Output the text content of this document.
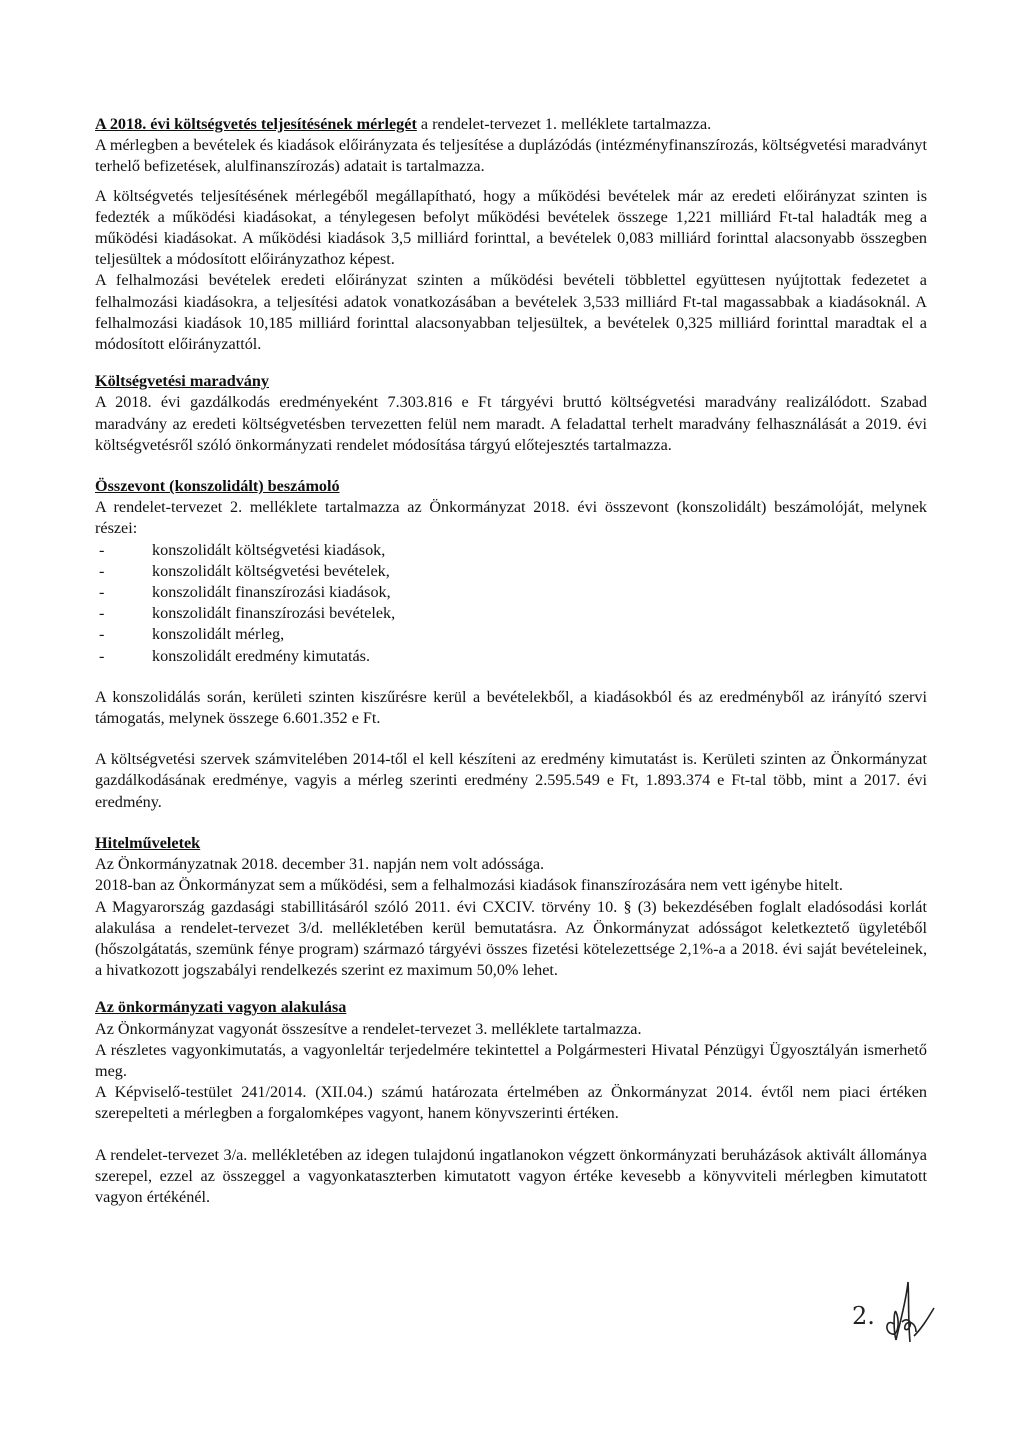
A 2018. évi költségvetés teljesítésének mérlegét a rendelet-tervezet 1. melléklete tartalmazza.

A mérlegben a bevételek és kiadások előirányzata és teljesítése a duplázódás (intézményfinanszírozás, költségvetési maradványt terhelő befizetések, alulfinanszírozás) adatait is tartalmazza.

A költségvetés teljesítésének mérlegéből megállapítható, hogy a működési bevételek már az eredeti előirányzat szinten is fedezték a működési kiadásokat, a ténylegesen befolyt működési bevételek összege 1,221 milliárd Ft-tal haladták meg a működési kiadásokat. A működési kiadások 3,5 milliárd forinttal, a bevételek 0,083 milliárd forinttal alacsonyabb összegben teljesültek a módosított előirányzathoz képest.

A felhalmozási bevételek eredeti előirányzat szinten a működési bevételi többlettel együttesen nyújtottak fedezetet a felhalmozási kiadásokra, a teljesítési adatok vonatkozásában a bevételek 3,533 milliárd Ft-tal magassabbak a kiadásoknál. A felhalmozási kiadások 10,185 milliárd forinttal alacsonyabban teljesültek, a bevételek 0,325 milliárd forinttal maradtak el a módosított előirányzattól.

Költségvetési maradvány

A 2018. évi gazdálkodás eredményeként 7.303.816 e Ft tárgyévi bruttó költségvetési maradvány realizálódott. Szabad maradvány az eredeti költségvetésben tervezetten felül nem maradt. A feladattal terhelt maradvány felhasználását a 2019. évi költségvetésről szóló önkormányzati rendelet módosítása tárgyú előtejesztés tartalmazza.

Összevont (konszolidált) beszámoló

A rendelet-tervezet 2. melléklete tartalmazza az Önkormányzat 2018. évi összevont (konszolidált) beszámolóját, melynek részei:

- konszolidált költségvetési kiadások,
- konszolidált költségvetési bevételek,
- konszolidált finanszírozási kiadások,
- konszolidált finanszírozási bevételek,
- konszolidált mérleg,
- konszolidált eredmény kimutatás.

A konszolidálás során, kerületi szinten kiszűrésre kerül a bevételekből, a kiadásokból és az eredményből az irányító szervi támogatás, melynek összege 6.601.352 e Ft.

A költségvetési szervek számvitelében 2014-től el kell készíteni az eredmény kimutatást is. Kerületi szinten az Önkormányzat gazdálkodásának eredménye, vagyis a mérleg szerinti eredmény 2.595.549 e Ft, 1.893.374 e Ft-tal több, mint a 2017. évi eredmény.

Hitelműveletek

Az Önkormányzatnak 2018. december 31. napján nem volt adóssága.

2018-ban az Önkormányzat sem a működési, sem a felhalmozási kiadások finanszírozására nem vett igénybe hitelt.

A Magyarország gazdasági stabillitásáról szóló 2011. évi CXCIV. törvény 10. § (3) bekezdésében foglalt eladósodási korlát alakulása a rendelet-tervezet 3/d. mellékletében kerül bemutatásra. Az Önkormányzat adósságot keletkeztető ügyletéből (hőszolgátatás, szemünk fénye program) származó tárgyévi összes fizetési kötelezettsége 2,1%-a a 2018. évi saját bevételeinek, a hivatkozott jogszabályi rendelkezés szerint ez maximum 50,0% lehet.

Az önkormányzati vagyon alakulása

Az Önkormányzat vagyonát összesítve a rendelet-tervezet 3. melléklete tartalmazza.

A részletes vagyonkimutatás, a vagyonleltár terjedelmére tekintettel a Polgármesteri Hivatal Pénzügyi Ügyosztályán ismerhető meg.

A Képviselő-testület 241/2014. (XII.04.) számú határozata értelmében az Önkormányzat 2014. évtől nem piaci értéken szerepelteti a mérlegben a forgalomképes vagyont, hanem könyvszerinti értéken.

A rendelet-tervezet 3/a. mellékletében az idegen tulajdonú ingatlanokon végzett önkormányzati beruházások aktivált állománya szerepel, ezzel az összeggel a vagyonkataszterben kimutatott vagyon értéke kevesebb a könyvviteli mérlegben kimutatott vagyon értékénél.

2.
